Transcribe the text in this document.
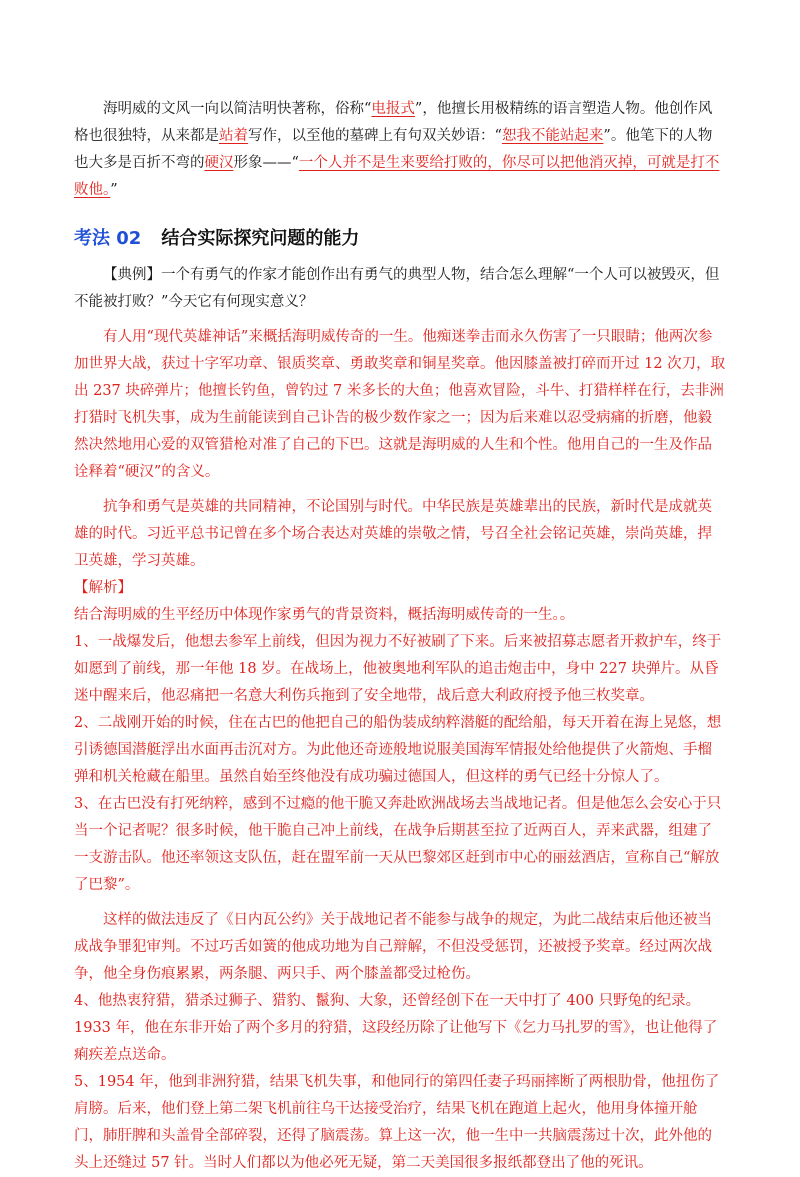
海明威的文风一向以简洁明快著称，俗称“电报式”，他擅长用极精练的语言塑造人物。他创作风格也很独特，从来都是站着写作，以至他的墓碑上有句双关妙语：“恕我不能站起来”。他笔下的人物也大多是百折不弯的硬汉形象——“一个人并不是生来要给打败的，你尽可以把他消灭掉，可就是打不败他。”

考法 02 结合实际探究问题的能力

【典例】一个有勇气的作家才能创作出有勇气的典型人物，结合怎么理解“一个人可以被毁灭，但不能被打败？”今天它有何现实意义？

有人用“现代英雄神话”来概括海明威传奇的一生。他痴迷拳击而永久伤害了一只眼睛；他两次参加世界大战，获过十字军功章、银质奖章、勇敢奖章和铜星奖章。他因膝盖被打碎而开过 12 次刀，取出 237 块碎弹片；他擅长钓鱼，曾钓过 7 米多长的大鱼；他喜欢冒险，斗牛、打猎样样在行，去非洲打猎时飞机失事，成为生前能读到自己讣告的极少数作家之一；因为后来难以忍受病痛的折磨，他毅然决然地用心爱的双管猎枪对准了自己的下巴。这就是海明威的人生和个性。他用自己的一生及作品诠释着“硬汉”的含义。

抗争和勇气是英雄的共同精神，不论国别与时代。中华民族是英雄辈出的民族，新时代是成就英雄的时代。习近平总书记曾在多个场合表达对英雄的崇敬之情，号召全社会铭记英雄，崇尚英雄，捍卫英雄，学习英雄。

【解析】

结合海明威的生平经历中体现作家勇气的背景资料，概括海明威传奇的一生。。

1、一战爆发后，他想去参军上前线，但因为视力不好被刷了下来。后来被招募志愿者开救护车，终于如愿到了前线，那一年他 18 岁。在战场上，他被奥地利军队的追击炮击中，身中 227 块弹片。从昏迷中醒来后，他忍痛把一名意大利伤兵拖到了安全地带，战后意大利政府授予他三枚奖章。

2、二战刚开始的时候，住在古巴的他把自己的船伪装成纳粹潜艇的配给船，每天开着在海上晃悠，想引诱德国潜艇浮出水面再击沉对方。为此他还奇迹般地说服美国海军情报处给他提供了火箭炮、手榴弹和机关枪藏在船里。虽然自始至终他没有成功骗过德国人，但这样的勇气已经十分惊人了。

3、在古巴没有打死纳粹，感到不过瘾的他干脆又奔赴欧洲战场去当战地记者。但是他怎么会安心于只当一个记者呢？很多时候，他干脆自己冲上前线，在战争后期甚至拉了近两百人，弄来武器，组建了一支游击队。他还率领这支队伍，赶在盟军前一天从巴黎郊区赶到市中心的丽兹酒店，宣称自己“解放了巴黎”。

这样的做法违反了《日内瓦公约》关于战地记者不能参与战争的规定，为此二战结束后他还被当成战争罪犯审判。不过巧舌如簧的他成功地为自己辩解，不但没受惩罚，还被授予奖章。经过两次战争，他全身伤痕累累，两条腿、两只手、两个膝盖都受过枪伤。

4、他热衷狩猎，猎杀过狮子、猎豹、鬣狗、大象，还曾经创下在一天中打了 400 只野兔的纪录。1933 年，他在东非开始了两个多月的狩猎，这段经历除了让他写下《乞力马扎罗的雪》，也让他得了痢疾差点送命。

5、1954 年，他到非洲狩猎，结果飞机失事，和他同行的第四任妻子玛丽摔断了两根肋骨，他扭伤了肩膀。后来，他们登上第二架飞机前往乌干达接受治疗，结果飞机在跑道上起火，他用身体撞开舱门，肺肝脾和头盖骨全部碎裂，还得了脑震荡。算上这一次，他一生中一共脑震荡过十次，此外他的头上还缝过 57 针。当时人们都以为他必死无疑，第二天美国很多报纸都登出了他的死讯。
